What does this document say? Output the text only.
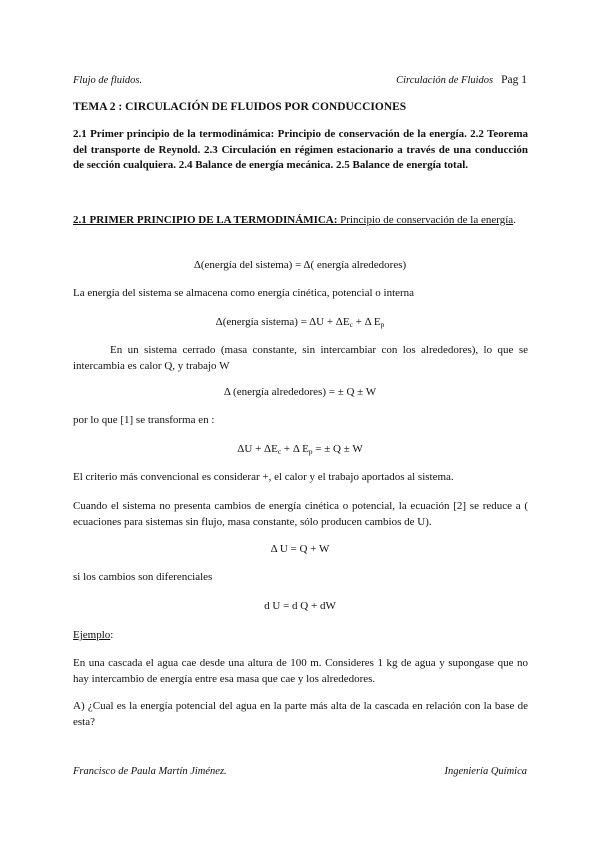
Flujo de fluidos.	Circulación de Fluidos Pag 1
TEMA 2 : CIRCULACIÓN DE FLUIDOS POR CONDUCCIONES
2.1 Primer principio de la termodinámica: Principio de conservación de la energía. 2.2 Teorema del transporte de Reynold. 2.3 Circulación en régimen estacionario a través de una conducción de sección cualquiera. 2.4 Balance de energía mecánica. 2.5 Balance de energía total.
2.1 PRIMER PRINCIPIO DE LA TERMODINÁMICA: Principio de conservación de la energía.
Δ(energía del sistema) = Δ( energía alrededores)
La energía del sistema se almacena como energía cinética, potencial o interna
Δ(energía sistema) = $\Delta U + \Delta E_c + \Delta$ $E_p$
En un sistema cerrado (masa constante, sin intercambiar con los alrededores), lo que se intercambia es calor Q, y trabajo W
Δ (energía alrededores) = ± Q ± W
por lo que [1] se transforma en :
$\Delta U + \Delta E_c + \Delta$ $E_p$ = ± Q ± W
El criterio más convencional es considerar +, el calor y el trabajo aportados al sistema.
Cuando el sistema no presenta cambios de energía cinética o potencial, la ecuación [2] se reduce a ( ecuaciones para sistemas sin flujo, masa constante, sólo producen cambios de U).
Δ U = Q + W
si los cambios son diferenciales
d U = d Q + dW
Ejemplo:
En una cascada el agua cae desde una altura de 100 m. Consideres 1 kg de agua y supongase que no hay intercambio de energía entre esa masa que cae y los alrededores.
A) ¿Cual es la energía potencial del agua en la parte más alta de la cascada en relación con la base de esta?
Francisco de Paula Martín Jiménez.	Ingeniería Química
